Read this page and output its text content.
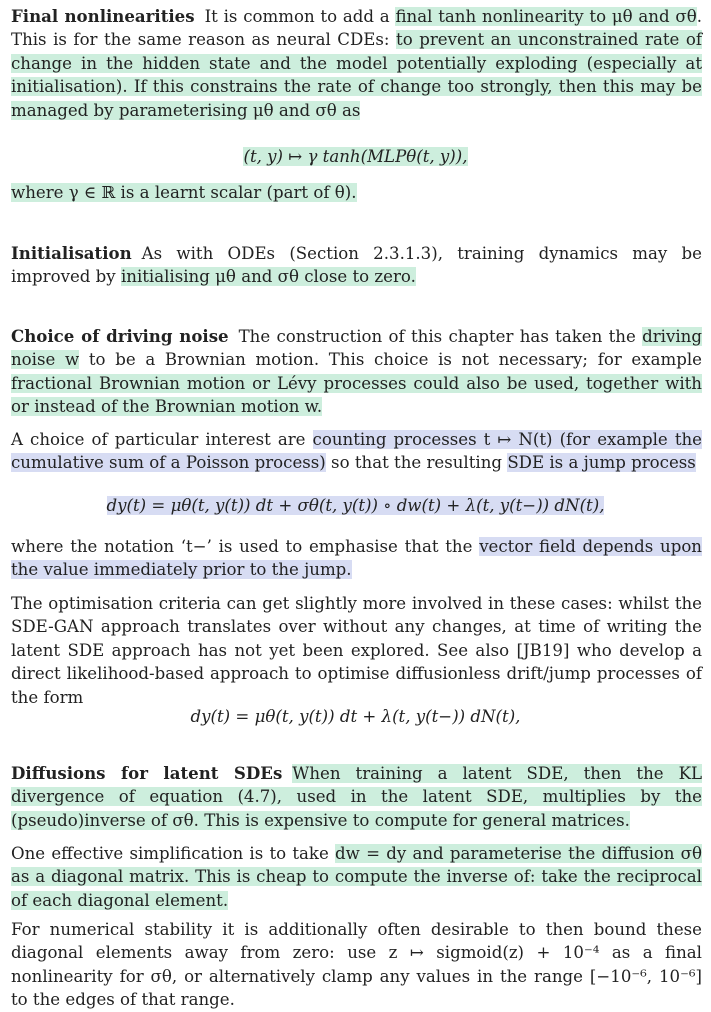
Final nonlinearities It is common to add a final tanh nonlinearity to μθ and σθ. This is for the same reason as neural CDEs: to prevent an unconstrained rate of change in the hidden state and the model potentially exploding (especially at initialisation). If this constrains the rate of change too strongly, then this may be managed by parameterising μθ and σθ as

(t, y) ↦ γ tanh(MLPθ(t, y)),

where γ ∈ ℝ is a learnt scalar (part of θ).

Initialisation As with ODEs (Section 2.3.1.3), training dynamics may be improved by initialising μθ and σθ close to zero.

Choice of driving noise The construction of this chapter has taken the driving noise w to be a Brownian motion. This choice is not necessary; for example fractional Brownian motion or Lévy processes could also be used, together with or instead of the Brownian motion w.

A choice of particular interest are counting processes t ↦ N(t) (for example the cumulative sum of a Poisson process) so that the resulting SDE is a jump process

dy(t) = μθ(t, y(t)) dt + σθ(t, y(t)) ∘ dw(t) + λ(t, y(t−)) dN(t),

where the notation ‘t−’ is used to emphasise that the vector field depends upon the value immediately prior to the jump.

The optimisation criteria can get slightly more involved in these cases: whilst the SDE-GAN approach translates over without any changes, at time of writing the latent SDE approach has not yet been explored. See also [JB19] who develop a direct likelihood-based approach to optimise diffusionless drift/jump processes of the form

dy(t) = μθ(t, y(t)) dt + λ(t, y(t−)) dN(t),

Diffusions for latent SDEs When training a latent SDE, then the KL divergence of equation (4.7), used in the latent SDE, multiplies by the (pseudo)inverse of σθ. This is expensive to compute for general matrices.

One effective simplification is to take dw = dy and parameterise the diffusion σθ as a diagonal matrix. This is cheap to compute the inverse of: take the reciprocal of each diagonal element.

For numerical stability it is additionally often desirable to then bound these diagonal elements away from zero: use z ↦ sigmoid(z) + 10⁻⁴ as a final nonlinearity for σθ, or alternatively clamp any values in the range [−10⁻⁶, 10⁻⁶] to the edges of that range.
